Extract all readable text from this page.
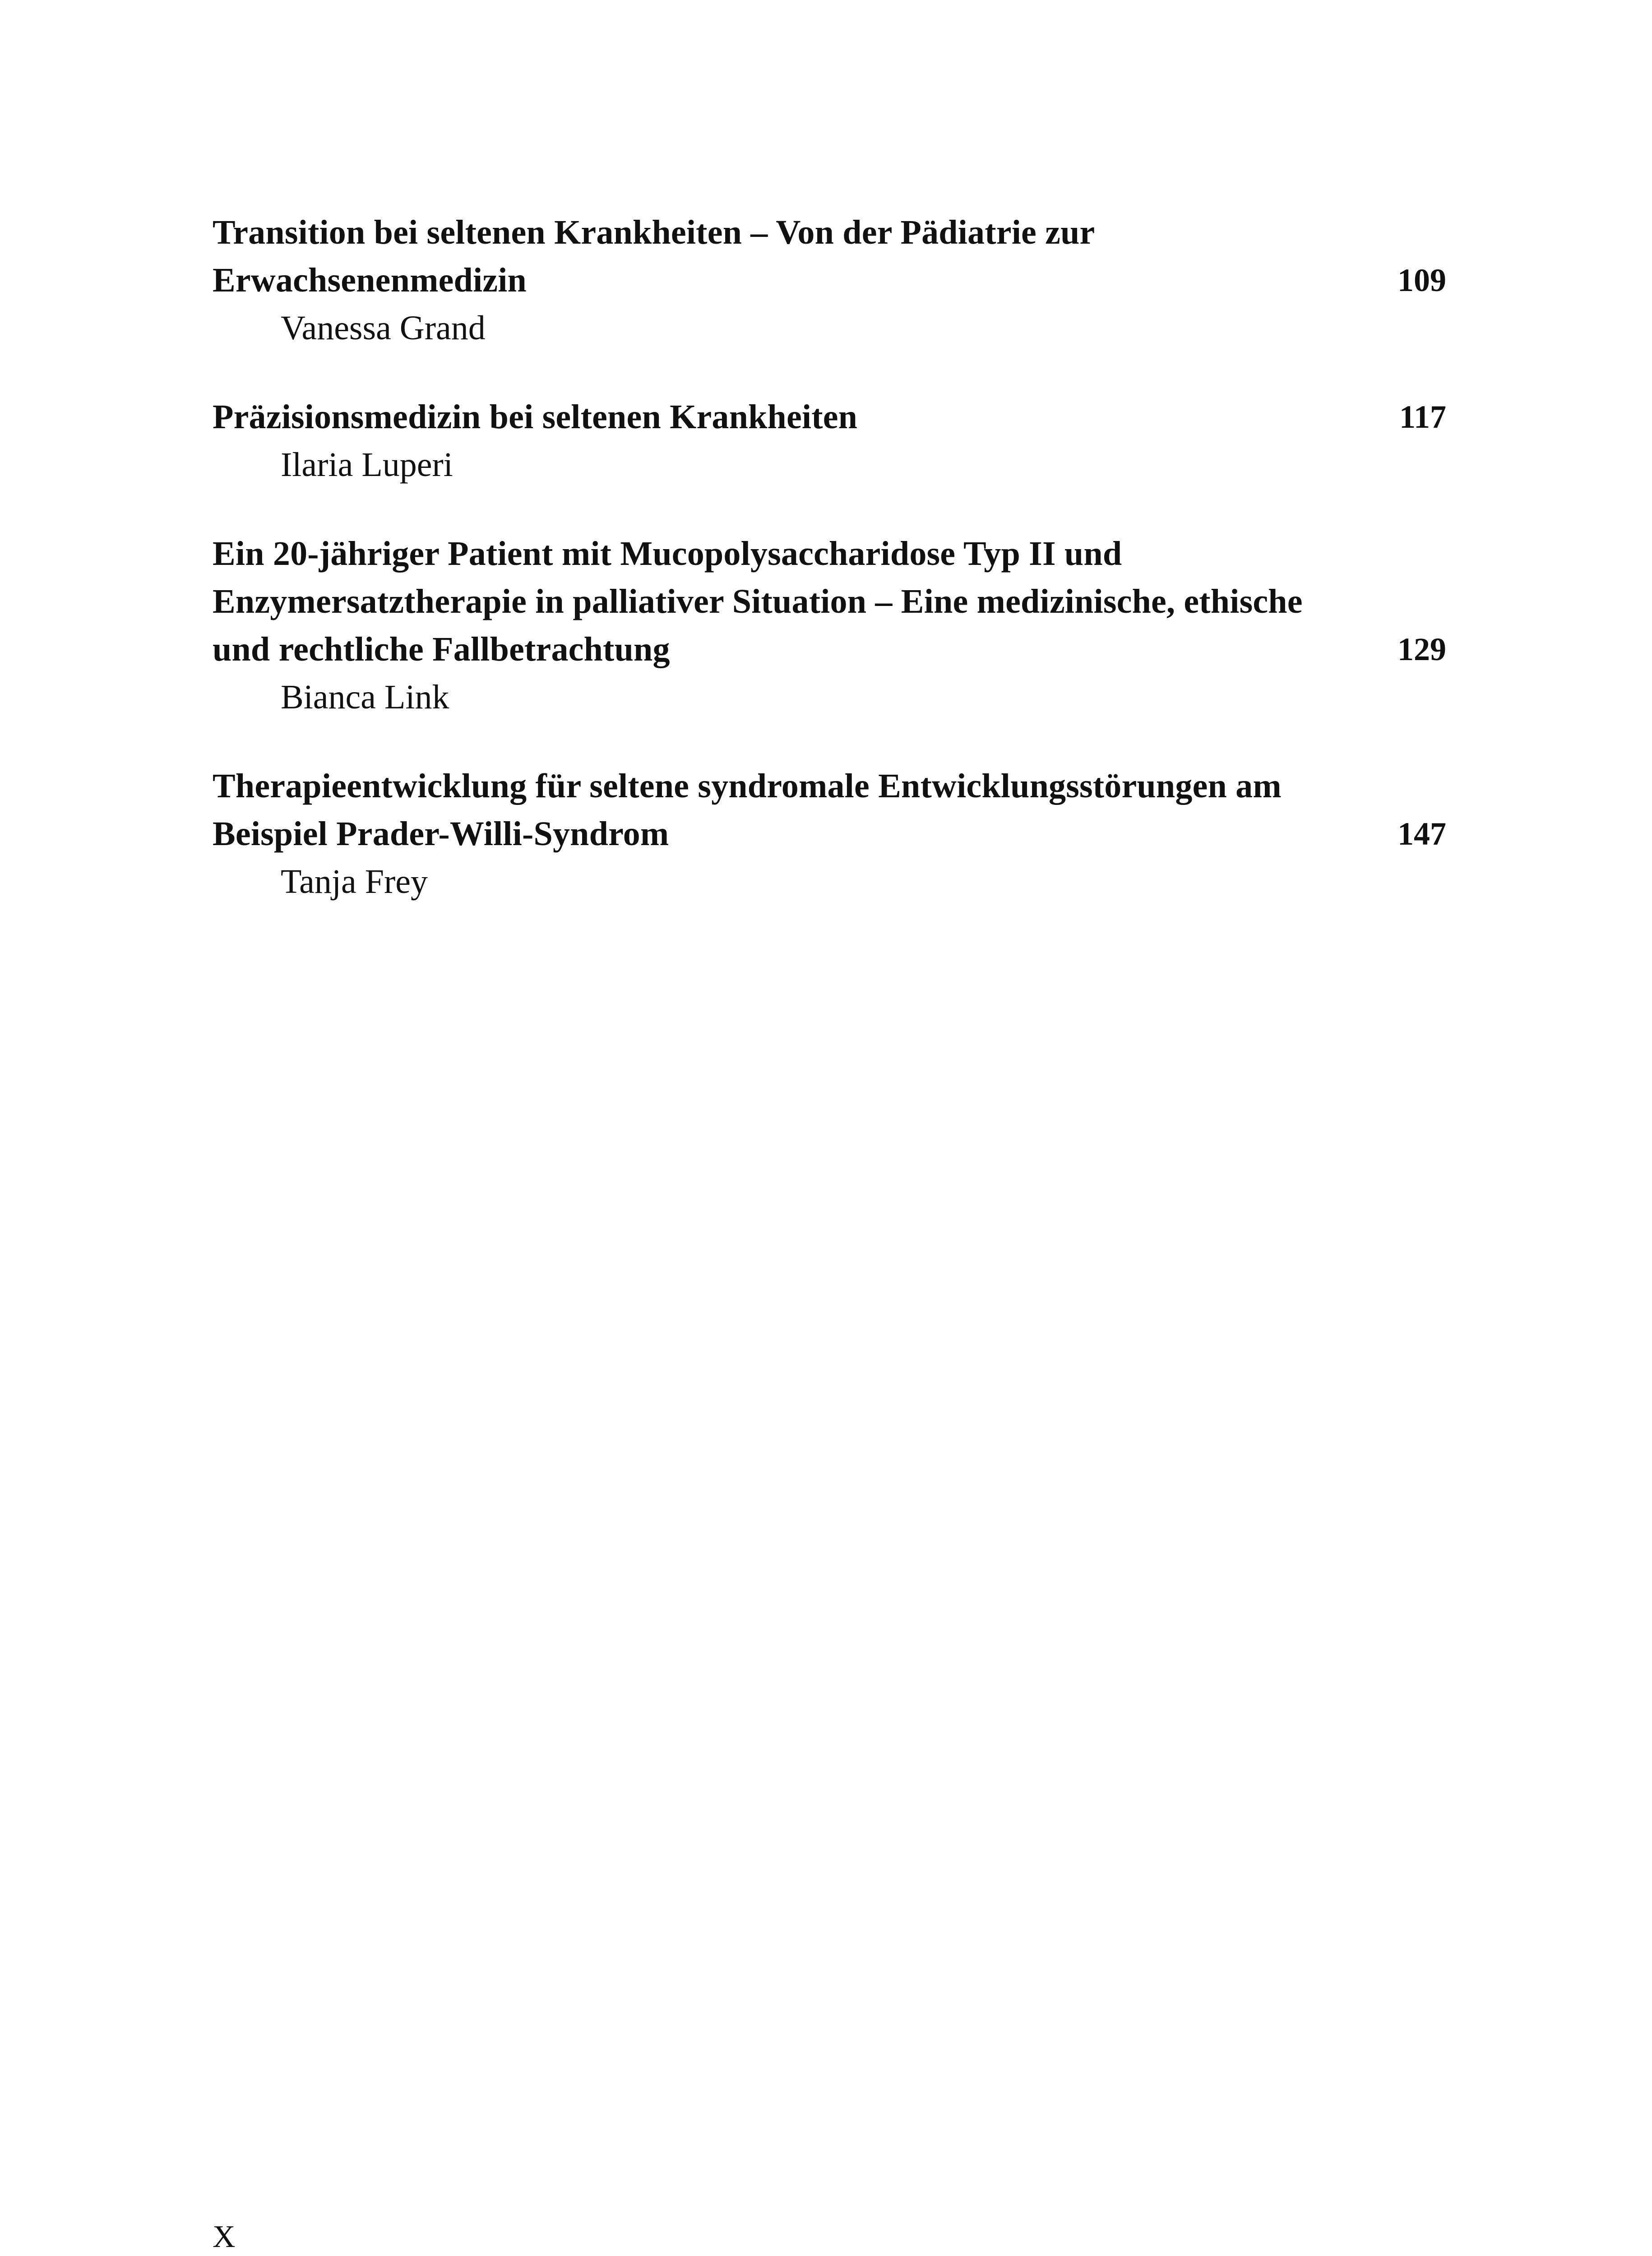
Transition bei seltenen Krankheiten – Von der Pädiatrie zur Erwachsenenmedizin	109

Vanessa Grand

Präzisionsmedizin bei seltenen Krankheiten	117

Ilaria Luperi

Ein 20-jähriger Patient mit Mucopolysaccharidose Typ II und Enzymersatztherapie in palliativer Situation – Eine medizinische, ethische und rechtliche Fallbetrachtung	129

Bianca Link

Therapieentwicklung für seltene syndromale Entwicklungsstörungen am Beispiel Prader-Willi-Syndrom	147

Tanja Frey

X
